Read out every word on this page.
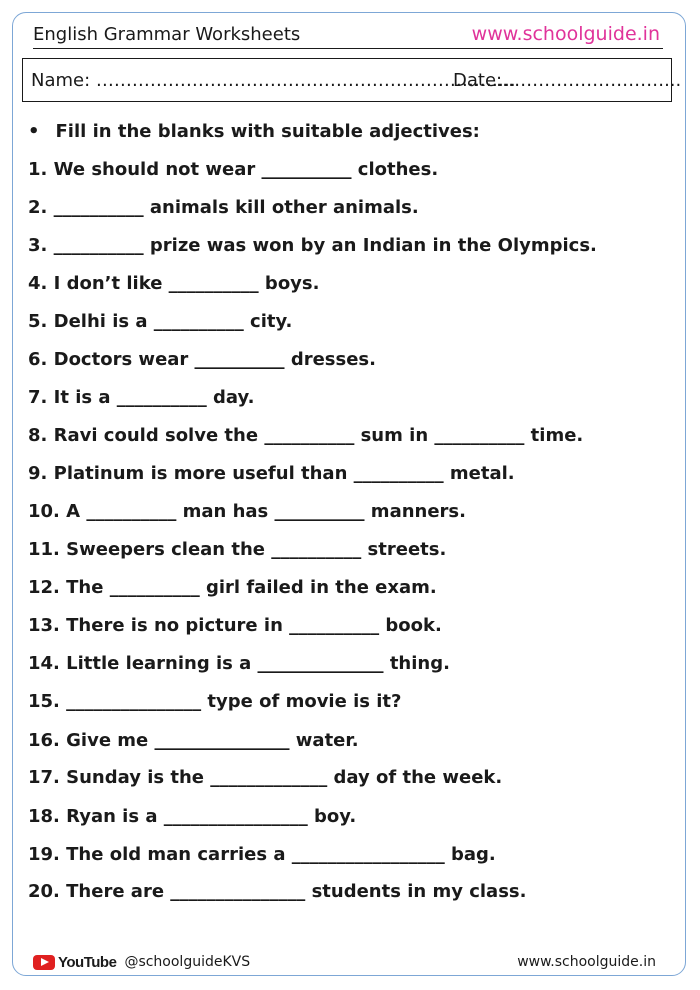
English Grammar Worksheets	www.schoolguide.in
Name: …………………………………………………………….
Date:………………………...
• Fill in the blanks with suitable adjectives:
1. We should not wear __________ clothes.
2. __________ animals kill other animals.
3. __________ prize was won by an Indian in the Olympics.
4. I don’t like __________ boys.
5. Delhi is a __________ city.
6. Doctors wear __________ dresses.
7. It is a __________ day.
8. Ravi could solve the __________ sum in __________ time.
9. Platinum is more useful than __________ metal.
10. A __________ man has __________ manners.
11. Sweepers clean the __________ streets.
12. The __________ girl failed in the exam.
13. There is no picture in __________ book.
14. Little learning is a ______________ thing.
15. _______________ type of movie is it?
16. Give me _______________ water.
17. Sunday is the _____________ day of the week.
18. Ryan is a ________________ boy.
19. The old man carries a _________________ bag.
20. There are _______________ students in my class.
YouTube @schoolguideKVS	www.schoolguide.in
